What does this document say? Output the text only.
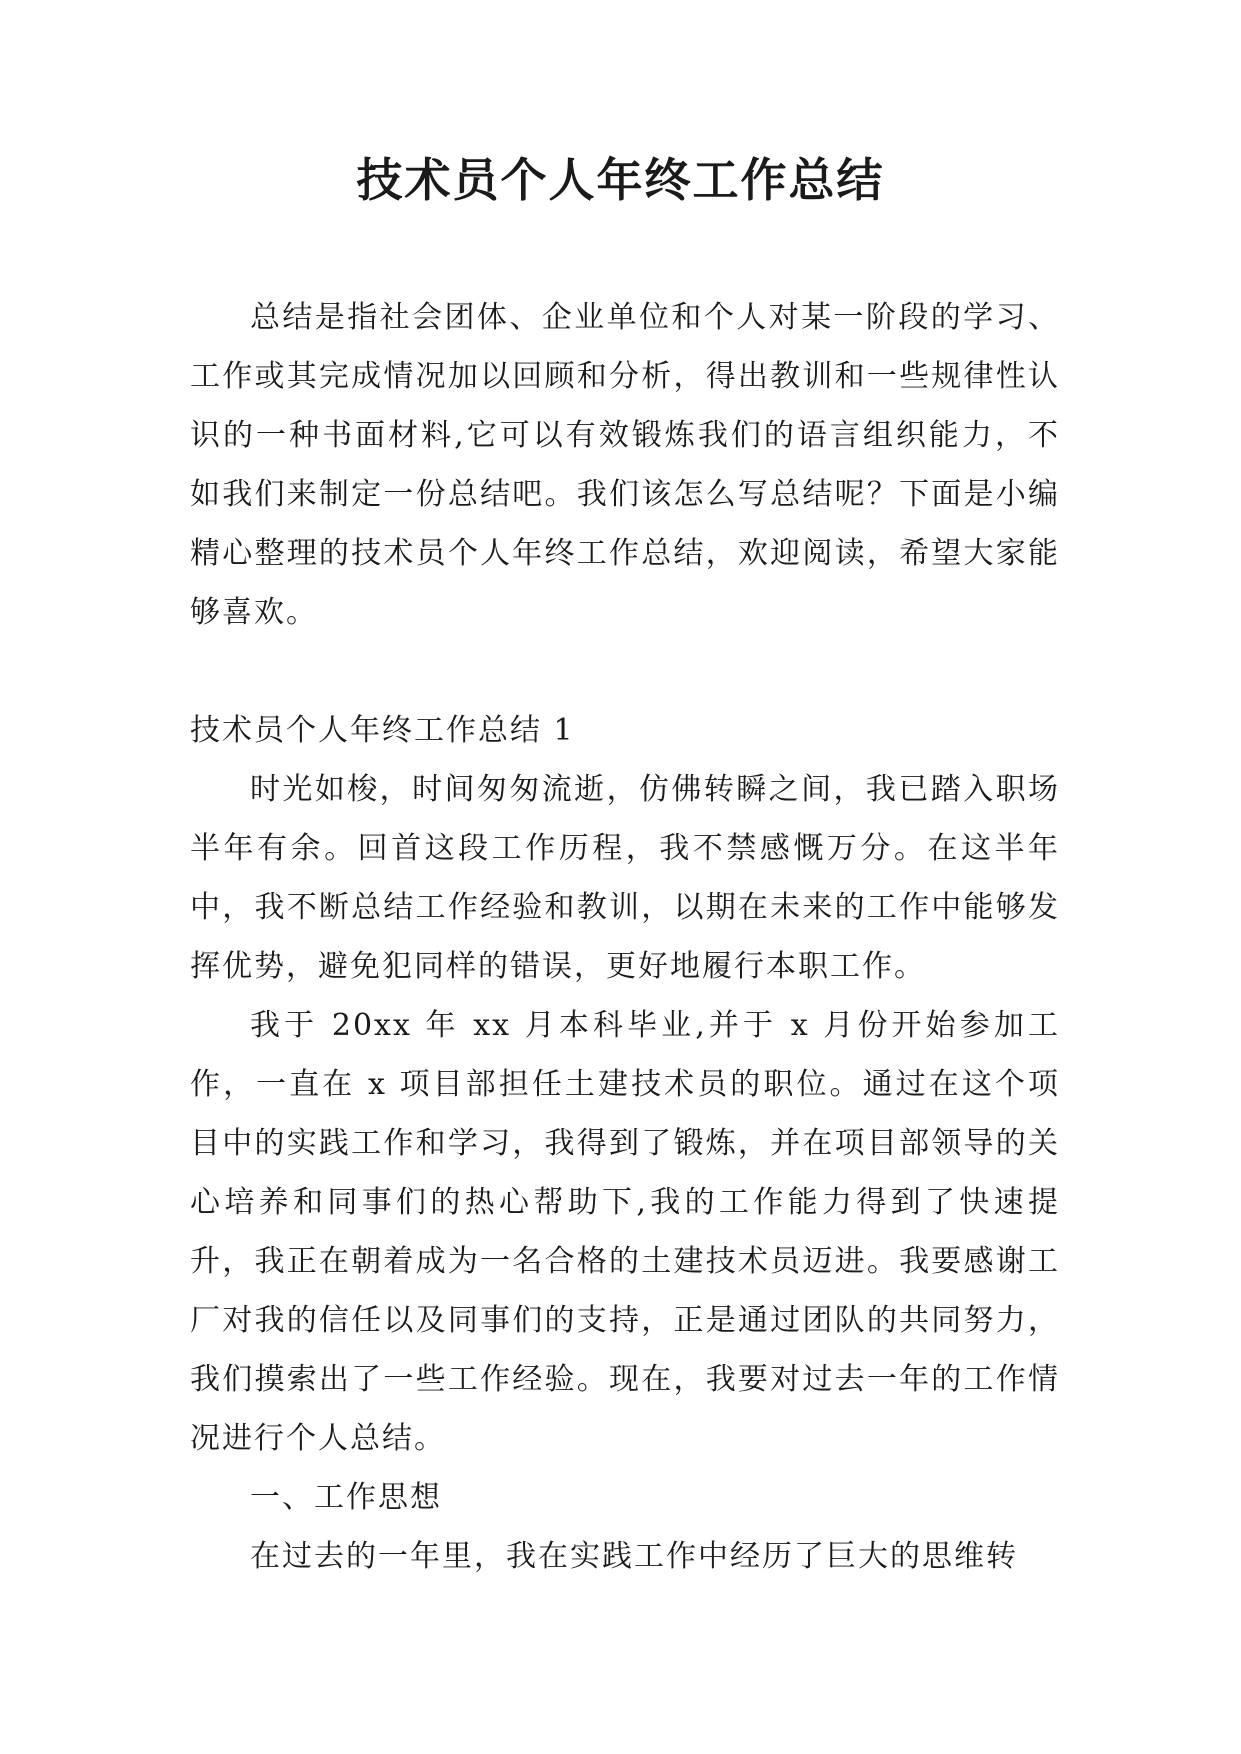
技术员个人年终工作总结

总结是指社会团体、企业单位和个人对某一阶段的学习、工作或其完成情况加以回顾和分析，得出教训和一些规律性认识的一种书面材料,它可以有效锻炼我们的语言组织能力，不如我们来制定一份总结吧。我们该怎么写总结呢？下面是小编精心整理的技术员个人年终工作总结，欢迎阅读，希望大家能够喜欢。

技术员个人年终工作总结 1

时光如梭，时间匆匆流逝，仿佛转瞬之间，我已踏入职场半年有余。回首这段工作历程，我不禁感慨万分。在这半年中，我不断总结工作经验和教训，以期在未来的工作中能够发挥优势，避免犯同样的错误，更好地履行本职工作。

我于 20xx 年 xx 月本科毕业,并于 x 月份开始参加工作，一直在 x 项目部担任土建技术员的职位。通过在这个项目中的实践工作和学习，我得到了锻炼，并在项目部领导的关心培养和同事们的热心帮助下,我的工作能力得到了快速提升，我正在朝着成为一名合格的土建技术员迈进。我要感谢工厂对我的信任以及同事们的支持，正是通过团队的共同努力，我们摸索出了一些工作经验。现在，我要对过去一年的工作情况进行个人总结。

一、工作思想

在过去的一年里，我在实践工作中经历了巨大的思维转
